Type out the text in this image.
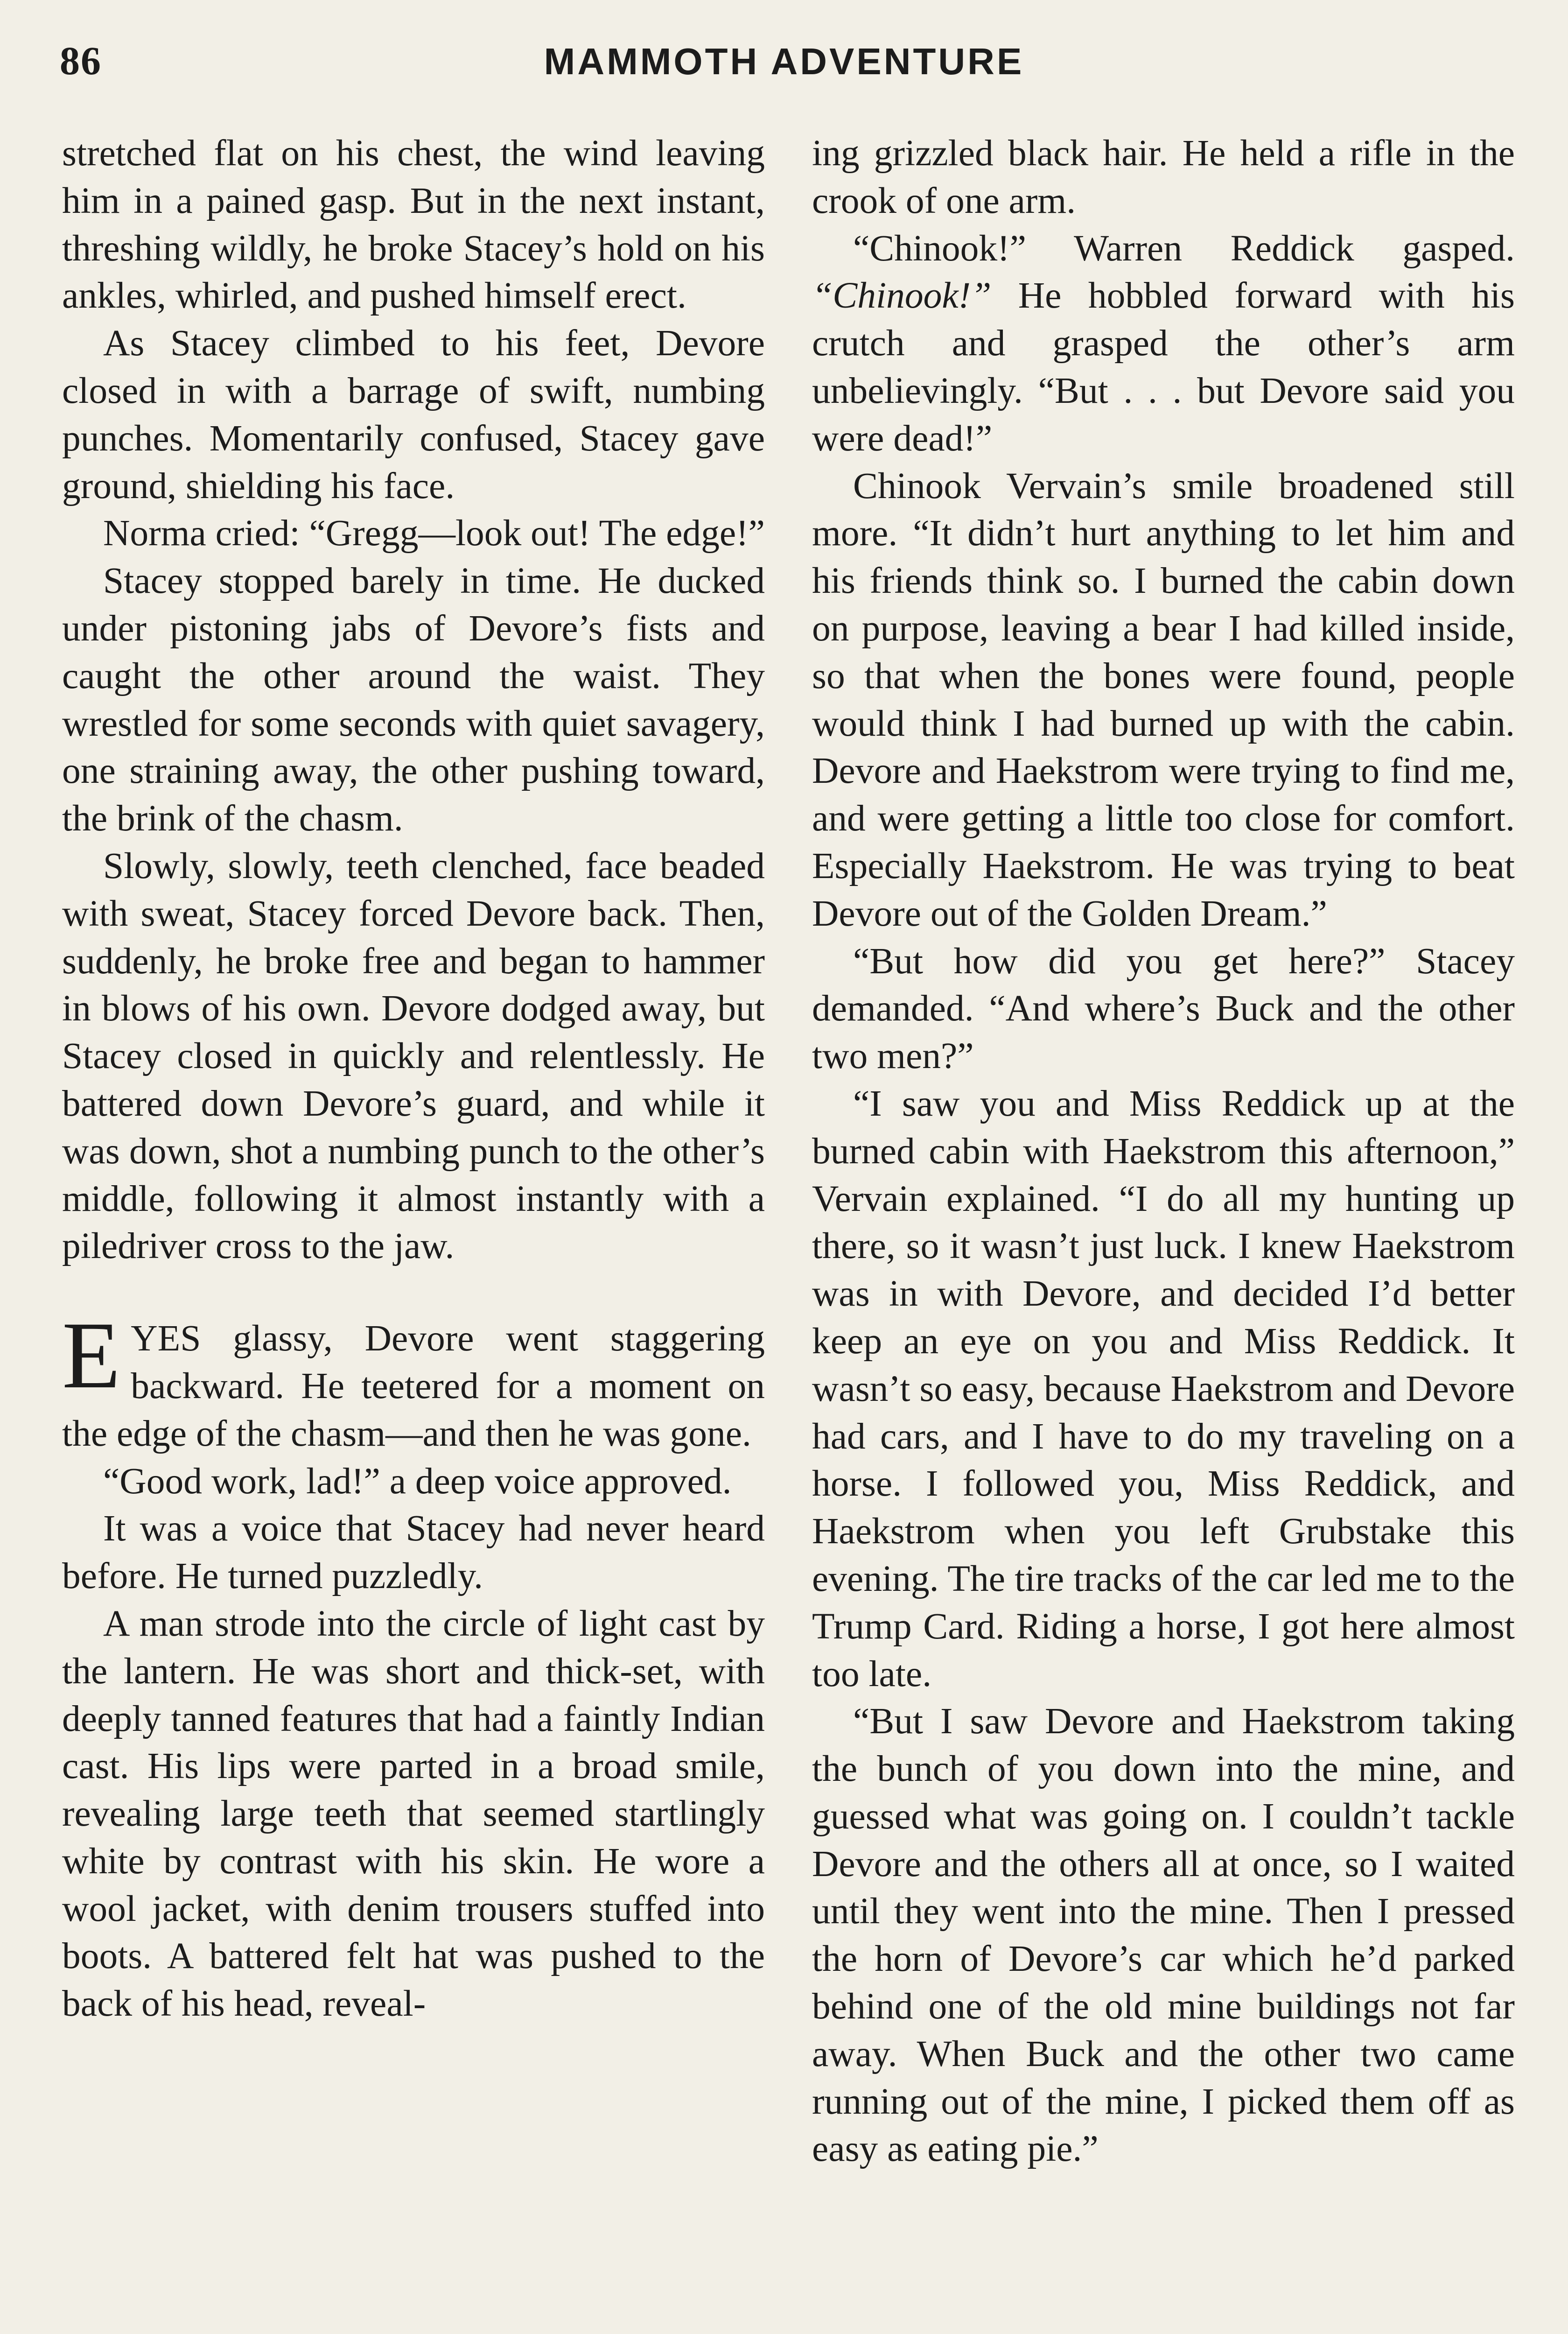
86	MAMMOTH ADVENTURE

stretched flat on his chest, the wind leaving him in a pained gasp. But in the next instant, threshing wildly, he broke Stacey’s hold on his ankles, whirled, and pushed himself erect.

As Stacey climbed to his feet, Devore closed in with a barrage of swift, numbing punches. Momentarily confused, Stacey gave ground, shielding his face.

Norma cried: “Gregg—look out! The edge!”

Stacey stopped barely in time. He ducked under pistoning jabs of Devore’s fists and caught the other around the waist. They wrestled for some seconds with quiet savagery, one straining away, the other pushing toward, the brink of the chasm.

Slowly, slowly, teeth clenched, face beaded with sweat, Stacey forced Devore back. Then, suddenly, he broke free and began to hammer in blows of his own. Devore dodged away, but Stacey closed in quickly and relentlessly. He battered down Devore’s guard, and while it was down, shot a numbing punch to the other’s middle, following it almost instantly with a piledriver cross to the jaw.

EYES glassy, Devore went staggering backward. He teetered for a moment on the edge of the chasm—and then he was gone.

“Good work, lad!” a deep voice approved.

It was a voice that Stacey had never heard before. He turned puzzledly.

A man strode into the circle of light cast by the lantern. He was short and thick-set, with deeply tanned features that had a faintly Indian cast. His lips were parted in a broad smile, revealing large teeth that seemed startlingly white by contrast with his skin. He wore a wool jacket, with denim trousers stuffed into boots. A battered felt hat was pushed to the back of his head, reveal-

ing grizzled black hair. He held a rifle in the crook of one arm.

“Chinook!” Warren Reddick gasped. “Chinook!” He hobbled forward with his crutch and grasped the other’s arm unbelievingly. “But . . . but Devore said you were dead!”

Chinook Vervain’s smile broadened still more. “It didn’t hurt anything to let him and his friends think so. I burned the cabin down on purpose, leaving a bear I had killed inside, so that when the bones were found, people would think I had burned up with the cabin. Devore and Haekstrom were trying to find me, and were getting a little too close for comfort. Especially Haekstrom. He was trying to beat Devore out of the Golden Dream.”

“But how did you get here?” Stacey demanded. “And where’s Buck and the other two men?”

“I saw you and Miss Reddick up at the burned cabin with Haekstrom this afternoon,” Vervain explained. “I do all my hunting up there, so it wasn’t just luck. I knew Haekstrom was in with Devore, and decided I’d better keep an eye on you and Miss Reddick. It wasn’t so easy, because Haekstrom and Devore had cars, and I have to do my traveling on a horse. I followed you, Miss Reddick, and Haekstrom when you left Grubstake this evening. The tire tracks of the car led me to the Trump Card. Riding a horse, I got here almost too late.

“But I saw Devore and Haekstrom taking the bunch of you down into the mine, and guessed what was going on. I couldn’t tackle Devore and the others all at once, so I waited until they went into the mine. Then I pressed the horn of Devore’s car which he’d parked behind one of the old mine buildings not far away. When Buck and the other two came running out of the mine, I picked them off as easy as eating pie.”
